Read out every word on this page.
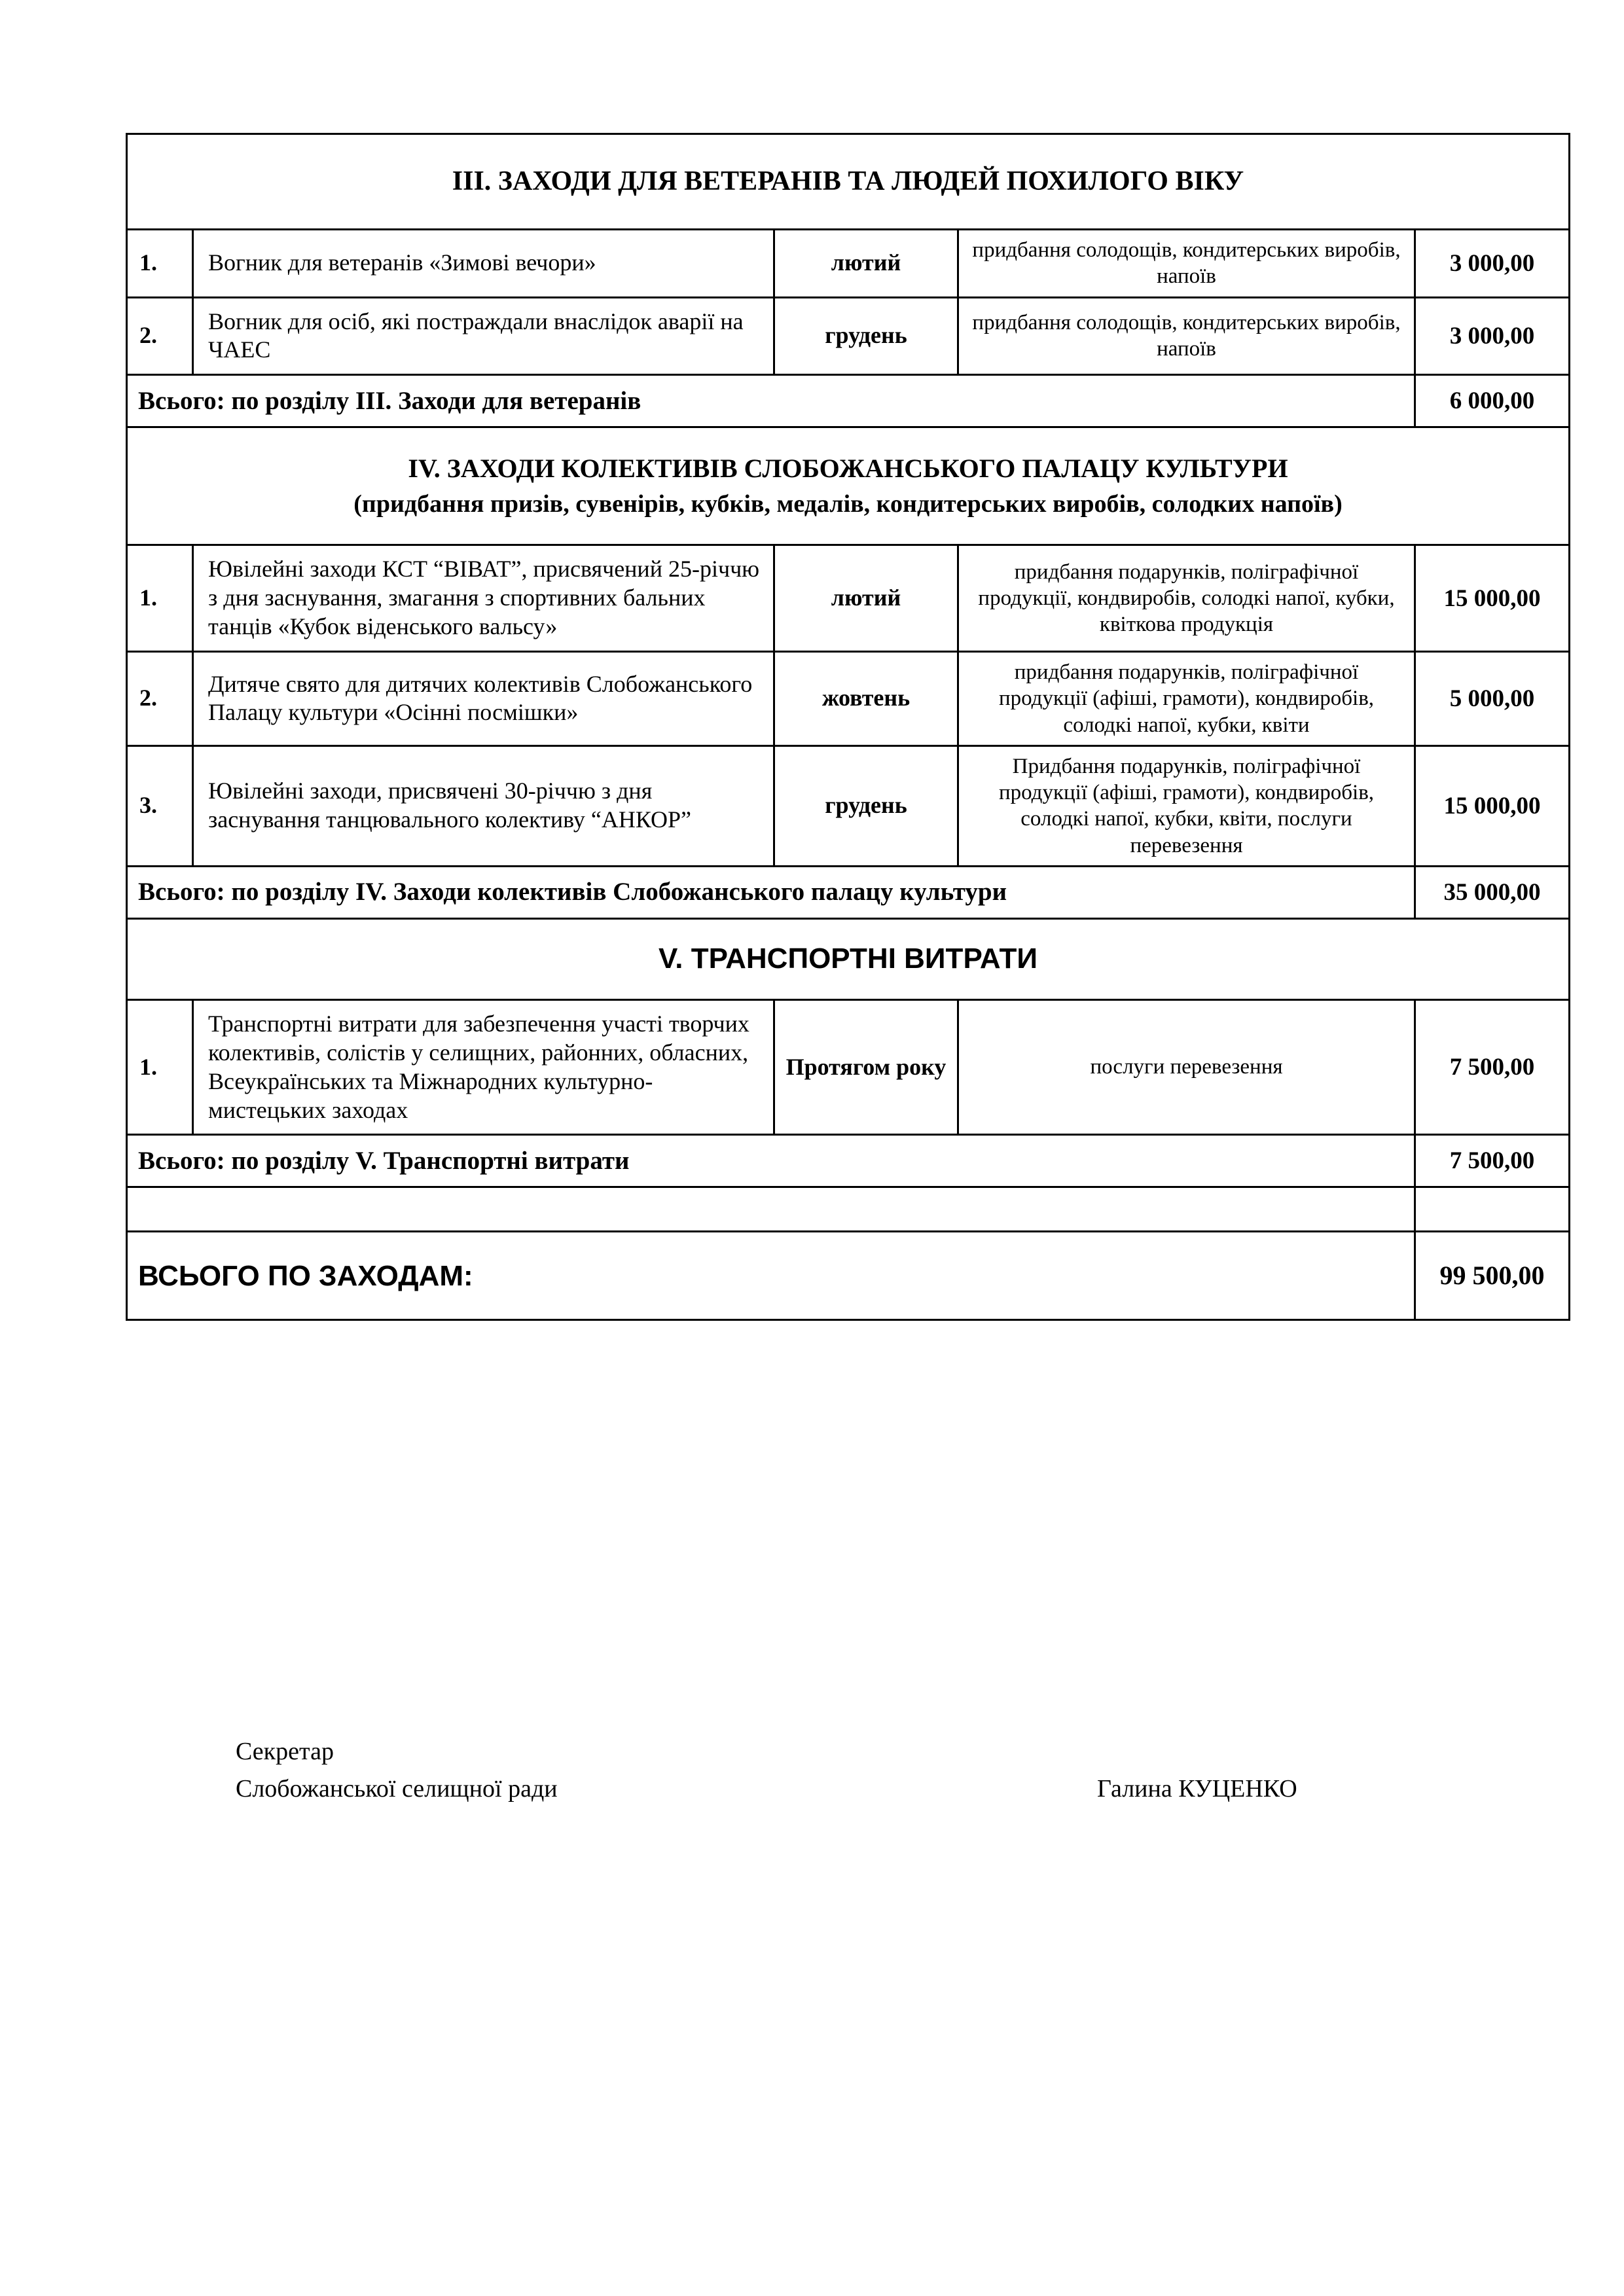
ІІІ. ЗАХОДИ ДЛЯ ВЕТЕРАНІВ ТА ЛЮДЕЙ ПОХИЛОГО ВІКУ				
1.	Вогник для ветеранів «Зимові вечори»	лютий	придбання солодощів, кондитерських виробів, напоїв	3 000,00
2.	Вогник для осіб, які постраждали внаслідок аварії на ЧАЕС	грудень	придбання солодощів, кондитерських виробів, напоїв	3 000,00
Всього: по розділу ІІІ. Заходи для ветеранів				6 000,00

IV. ЗАХОДИ КОЛЕКТИВІВ СЛОБОЖАНСЬКОГО ПАЛАЦУ КУЛЬТУРИ
(придбання призів, сувенірів, кубків, медалів, кондитерських виробів, солодких напоїв)				

1.	Ювілейні заходи КСТ “ВІВАТ”, присвячений 25-річчю з дня заснування, змагання з спортивних бальних танців «Кубок віденського вальсу»	лютий	придбання подарунків, поліграфічної продукції, кондвиробів, солодкі напої, кубки, квіткова продукція	15 000,00
2.	Дитяче свято для дитячих колективів Слобожанського Палацу культури «Осінні посмішки»	жовтень	придбання подарунків, поліграфічної продукції (афіші, грамоти), кондвиробів, солодкі напої, кубки, квіти	5 000,00
3.	Ювілейні заходи, присвячені 30-річчю з дня заснування танцювального колективу “АНКОР”	грудень	Придбання подарунків, поліграфічної продукції (афіші, грамоти), кондвиробів, солодкі напої, кубки, квіти, послуги перевезення	15 000,00
Всього: по розділу IV. Заходи колективів Слобожанського палацу культури				35 000,00
V. ТРАНСПОРТНІ ВИТРАТИ				
1.	Транспортні витрати для забезпечення участі творчих колективів, солістів у селищних, районних, обласних, Всеукраїнських та Міжнародних культурно-мистецьких заходах	Протягом року	послуги перевезення	7 500,00
Всього: по розділу V. Транспортні витрати				7 500,00

ВСЬОГО ПО ЗАХОДАМ:				99 500,00
Секретар
Слобожанської селищної ради	Галина КУЦЕНКО
